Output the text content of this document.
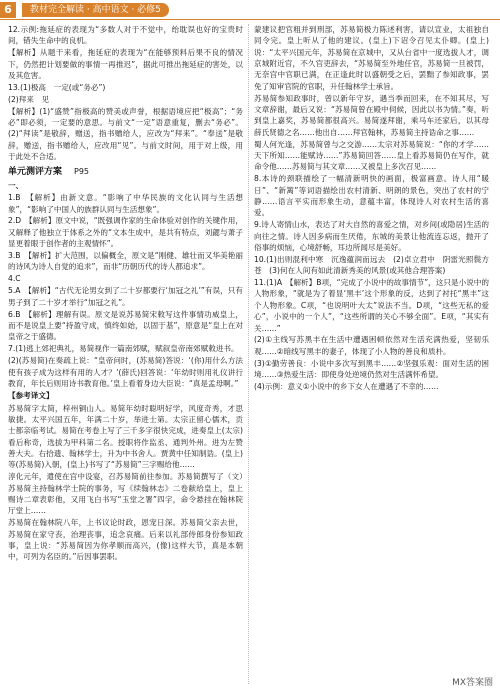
6	教材完全解读 · 高中语文 · 必修5

12.示例:拖延症的表现为“多数人对于不觉中，绐耽误也好的宝贵时间，错失生命中的良机。

【解析】从题干来看，拖延症的表现为“在能够预料后果不良的情况下，仍然把计划要做的事情一再推迟”，据此可推出拖延症的害处，以及其危害。

13.(1)极高　一定(或“务必”)

(2)拜来　见

【解析】(1)“盛赞”指极高的赞美或声誉，根据语境应把“极高”；“务必”即必须，一定要的意思。与前文“一定”语意重复，删去“务必”。(2)“拜读”是敬辞，赠送，指书赠给人，应改为“拜来”。“奉送”是敬辞，赠送，指书赠给人，应改用“见”。与前文时间，用于对上级，用于此处不合适。

单元测评方案 P95
一、

1.B　【解析】由新文意。“影响了中华民族的文化认同与生活想象”，“影响了中国人的族群认同与生活想象”。

2.D　【解析】原文中说，“既强调作家的生命体验对创作的关键作用，又解释了他独立于体系之外的“文本生成中，是共有特点，刘勰与萧子显更着眼于创作者的主观情怀”。

3.B　【解析】扩大范围，以偏概全，原文是“刚健、雄壮而又华美艳丽的诗风为诗人自觉的追求”，而非“历朝历代的诗人都追求”。

4.C

5.A　【解析】“古代无论男女到了二十岁都要行‘加冠之礼’”有误，只有男子到了二十岁才举行“加冠之礼”。

6.B　【解析】理解有误。原文是说苏易简宋敕写这件事情功威皇上，而不是说皇上要“持盈守成，慎终如始，以固于基”，原意是“皇上在对皇帝之于盛德。

7.(1)逃上郊祀典礼，易简视作一篇南郊赋，赋叙皇帝南郊赋敕进书。

(2)(苏易简)在奏疏上说：“皇帝问时，(苏易简)答说：‘(你)用什么方法使有孩子成为这样有用的人才？’(薛氏)回答说：‘年幼时则用礼仪讲行教育，年长后则用诗书教育他。’皇上看着身边大臣说：“真是孟母啊。”

【参考译文】

苏易简字太简，梓州铜山人。易简年幼时聪明好学，风度奇秀，才思敏捷。太平兴国五年，年满二十岁，举进士第。太宗正留心儒术，贡士都亲临考试。易简在考卷上写了三千多字很快完成，进奏皇上(太宗)看后称奇，选拔为甲科第二名。授职将作监丞、通判外州。进为左赞善大夫。右拾遗、翰林学士，升为中书舍人。贾黄中任知制诰。(皇上)等(苏易简)入朝，(皇上)书写了“苏易简”三字赐给他……

淳化元年，遣使在宫中设宴，召苏易简前往参加。苏易简撰写了（文）苏易简主持翰林学士院的事务，写《续翰林志》二卷献给皇上，皇上赐诗二章表彰他，又用飞白书写“玉堂之署”四字，命令悬挂在翰林院厅堂上……

苏易简在翰林院八年，上书议论时政，恩宠日深。苏易简父亲去世，苏易简在家守丧，治理丧事，追念哀痛。后来以礼部侍郎身份参知政事，皇上说：“苏易简因为你孝顺而高兴，(像)这样大节，真是本朝中，可列为名臣的。”后因事罢职。

蒙建议把官粗并到刑部，苏易简极力陈述利害，请以宣业，太祖独自同令完。皇上听从了他的建议。(皇上)下诏令召见太仆卿。(皇上)说：“太平兴国元年，苏易简在京城中，又从台省中一度选拔人才，调京城附近官，不久官吏辞去，“苏易简至外地任官，苏易简一旦被罚，无奈宫中官职已满，在正逢此时以盛朝受之后，罢黜了参知政事，罢免了知审官院的官职，升任翰林学士承旨。

苏易简参知政事时，曾以新年守岁，遇当季而回来，在不知其尽，写文章辞谢，最后又说：“苏易简曾在殿中伺候，因此以书为情。”奏，听到皇上嘉奖，苏易简都很高兴。易简遂拜谢，乘马车还家后，以其母薛氏贤德之名……他出自……拜官翰林，苏易简主持诰命之事……

蜀人何光逢，苏易简曾与之交游……太宗对苏易简说：“你的才学……天下所知……能赋诗……”苏易简回答……皇上看苏易简仍在写作，就命令他……苏易简与其文章……又被皇上多次召见……

8.本诗的颈联描绘了一幅清新明快的画面，极富画意。诗人用“暖日”、“新篱”等词语描绘出农村清新、明朗的景色，突出了农村的宁静……语言平实而形象生动，意蕴丰富，体现诗人对农村生活的喜爱。

9.诗人寄情山水，表达了对大自然的喜爱之情，对乡间(或隐居)生活的向往之情。诗人因多病而生厌倦，东城的美景让他流连忘返，抛开了俗事的烦恼，心境舒畅，耳边所闻尽是美好。

10.(1)出则混利中寒　沉逸蕴润而远去　(2)卓立君中　阴雷光照鬓方苍　(3)何在人间有如此清新秀美的风景(或其他合理答案)

11.(1)A　【解析】B项，“完成了小说中的故事情节”，这只是小说中的人物形象，“就是为了着显‘黑丰’这个形象的反，达到了衬托“黑丰”这个人物形象。C项，“也说明叶大太”说法不当。D项，“这些无私的爱心”，小说中的一个人”，“这些所谓的关心不够全面”。E项，“其实有关……”

(2)①主线写苏黑丰在生活中遭遇困顿依然对生活充满热爱，坚韧乐观……②暗线写黑丰的妻子，体现了小人物的善良和质朴。

(3)①勤劳善良：小说中多次写到黑丰……②坚强乐观：面对生活的困境……③热爱生活：即使身处逆境仍然对生活满怀希望。

(4)示例：意义①小说中的乡下女人在遭遇了不幸的……

MX答案圈
